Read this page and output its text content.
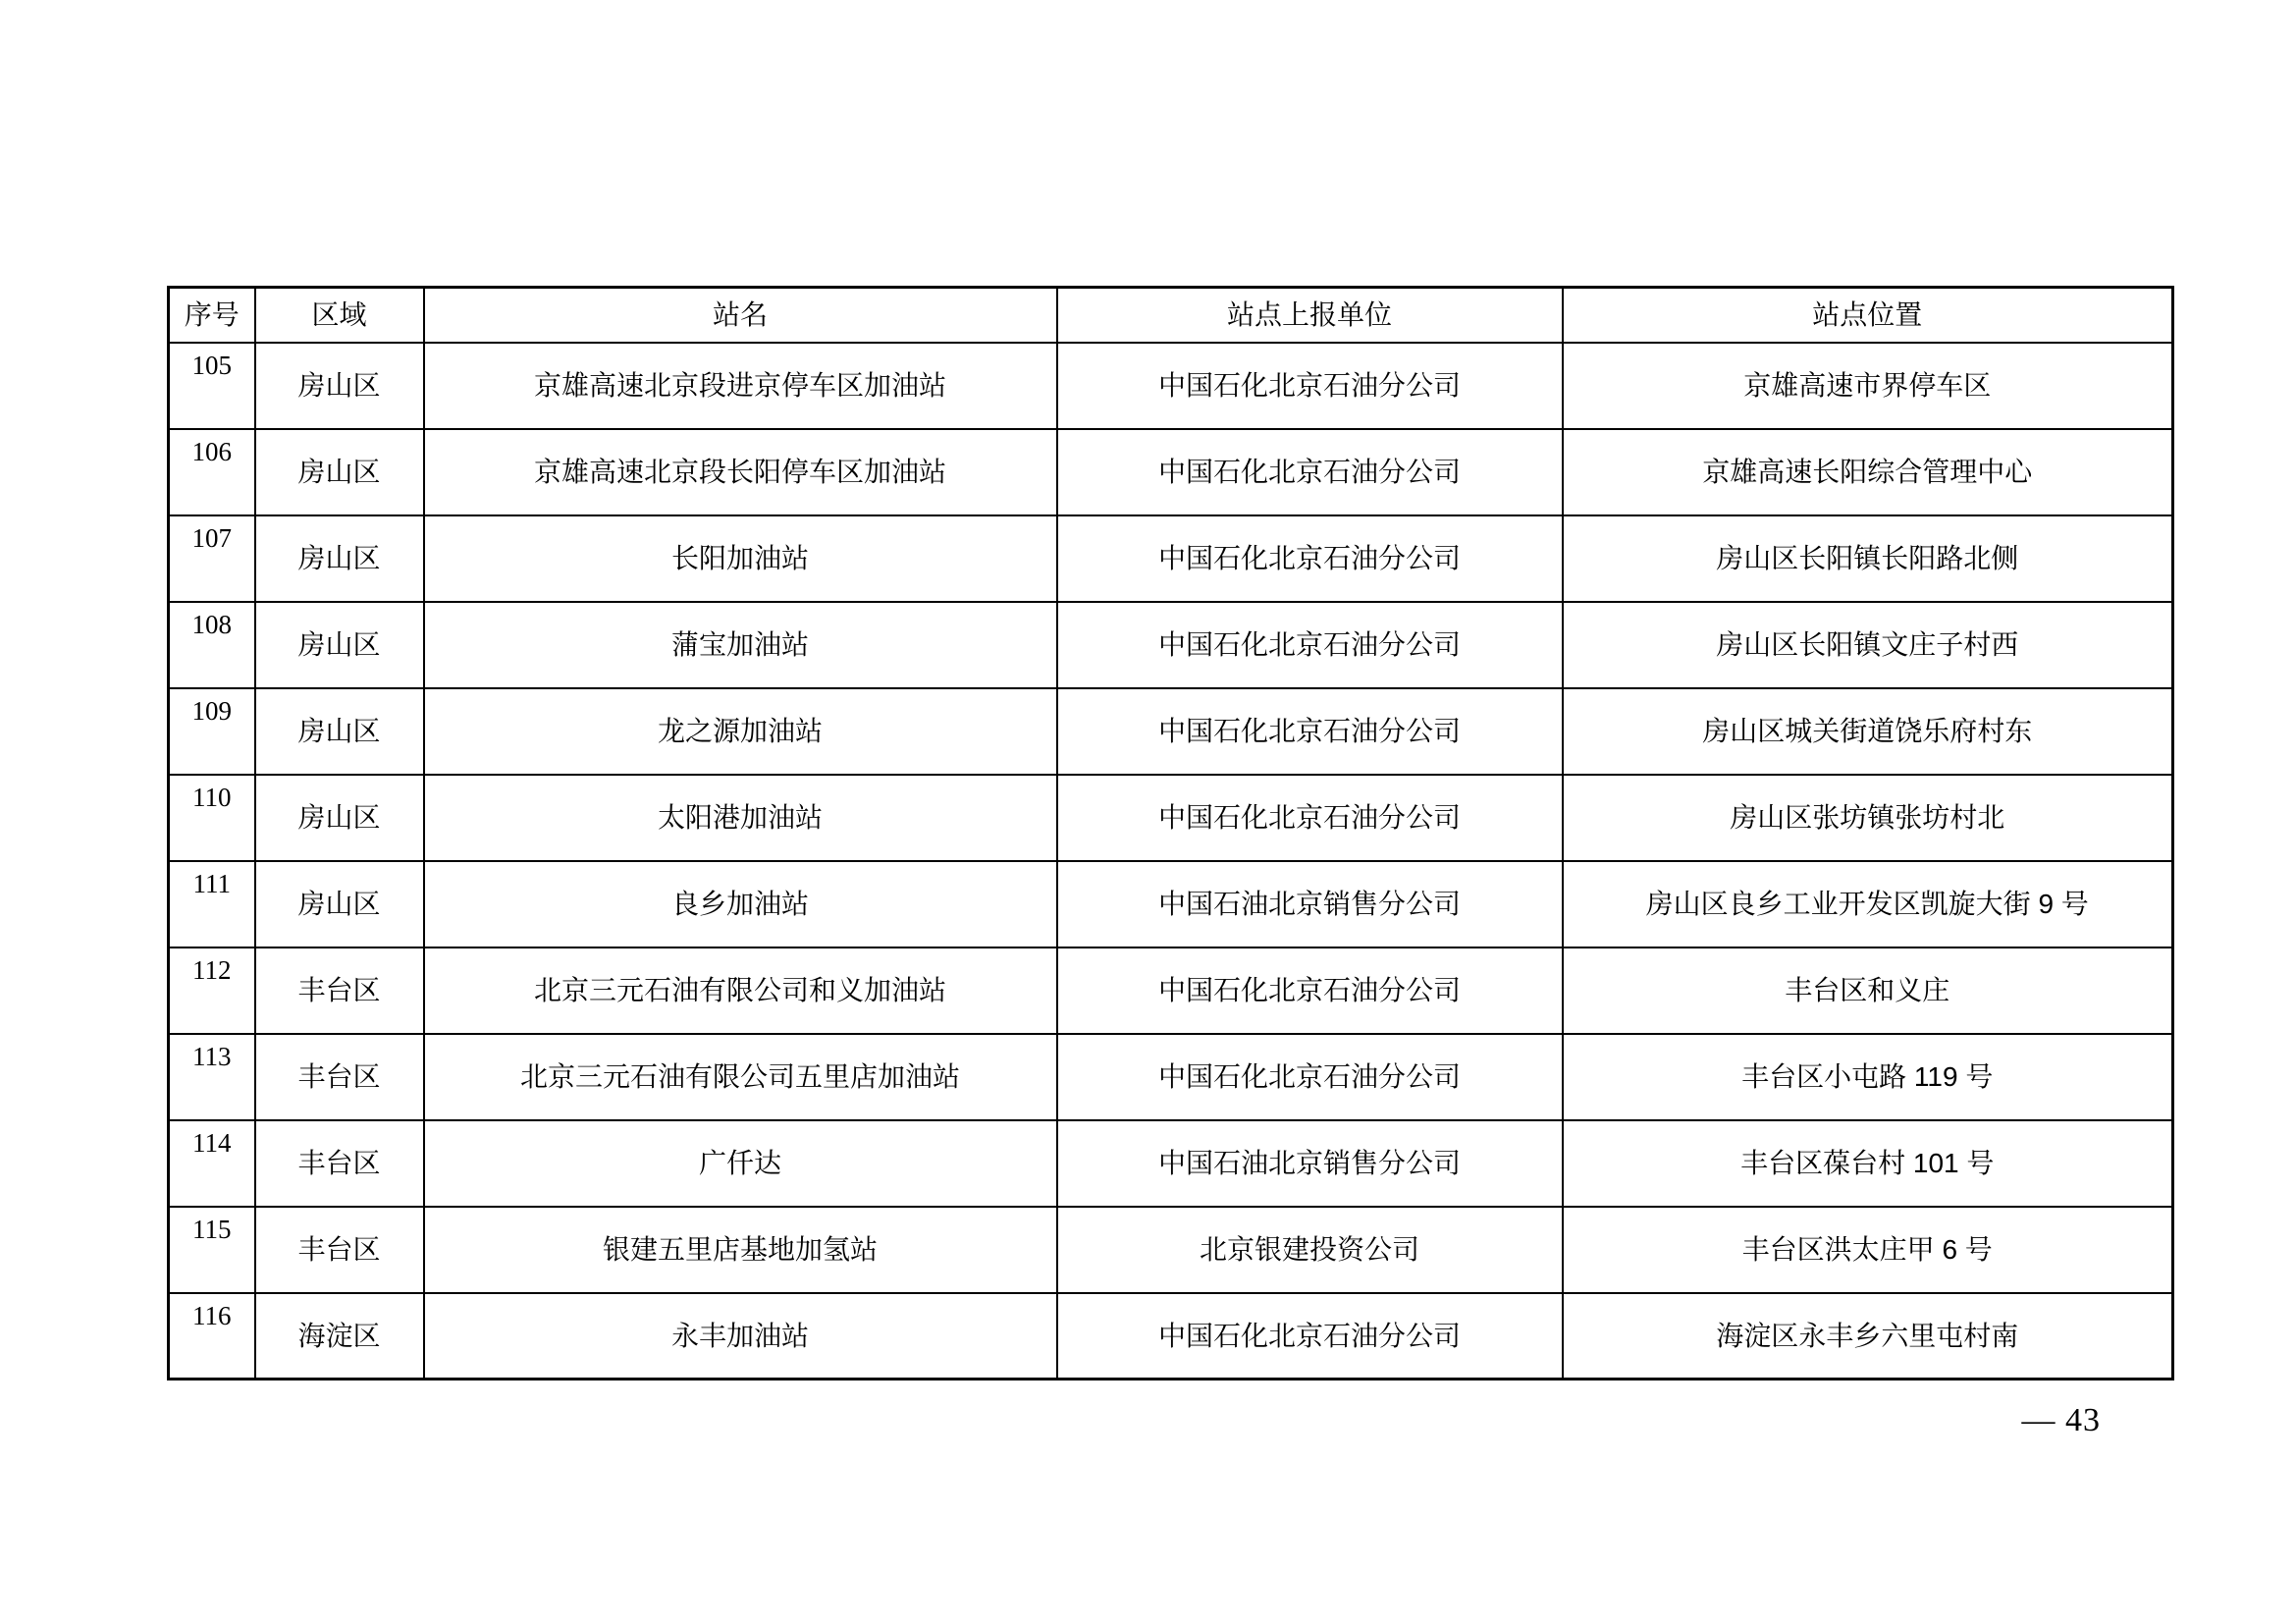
序号	区域	站名	站点上报单位	站点位置
105	房山区	京雄高速北京段进京停车区加油站	中国石化北京石油分公司	京雄高速市界停车区
106	房山区	京雄高速北京段长阳停车区加油站	中国石化北京石油分公司	京雄高速长阳综合管理中心
107	房山区	长阳加油站	中国石化北京石油分公司	房山区长阳镇长阳路北侧
108	房山区	蒲宝加油站	中国石化北京石油分公司	房山区长阳镇文庄子村西
109	房山区	龙之源加油站	中国石化北京石油分公司	房山区城关街道饶乐府村东
110	房山区	太阳港加油站	中国石化北京石油分公司	房山区张坊镇张坊村北
111	房山区	良乡加油站	中国石油北京销售分公司	房山区良乡工业开发区凯旋大街 9 号
112	丰台区	北京三元石油有限公司和义加油站	中国石化北京石油分公司	丰台区和义庄
113	丰台区	北京三元石油有限公司五里店加油站	中国石化北京石油分公司	丰台区小屯路 119 号
114	丰台区	广仟达	中国石油北京销售分公司	丰台区葆台村 101 号
115	丰台区	银建五里店基地加氢站	北京银建投资公司	丰台区洪太庄甲 6 号
116	海淀区	永丰加油站	中国石化北京石油分公司	海淀区永丰乡六里屯村南
— 43
